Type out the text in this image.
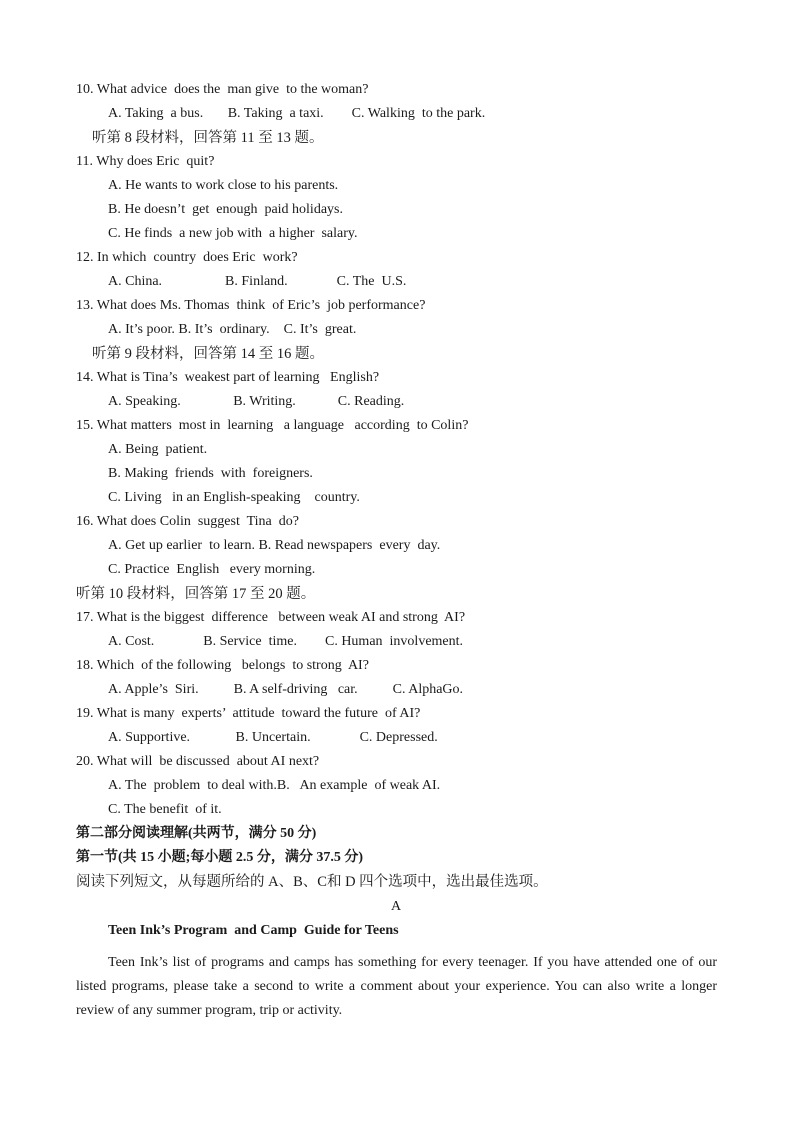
10. What advice  does the  man give  to the woman?
A. Taking  a bus.       B. Taking  a taxi.        C. Walking  to the park.
听第 8 段材料，回答第 11 至 13 题。
11. Why does Eric  quit?
A. He wants to work close to his parents.
B. He doesn’t  get  enough  paid holidays.
C. He finds  a new job with  a higher  salary.
12. In which  country  does Eric  work?
A. China.                  B. Finland.              C. The  U.S.
13. What does Ms. Thomas  think  of Eric’s  job performance?
A. It’s poor. B. It’s  ordinary.    C. It’s  great.
听第 9 段材料，回答第 14 至 16 题。
14. What is Tina’s  weakest part of learning   English?
A. Speaking.               B. Writing.            C. Reading.
15. What matters  most in  learning   a language   according  to Colin?
A. Being  patient.
B. Making  friends  with  foreigners.
C. Living   in an English-speaking    country.
16. What does Colin  suggest  Tina  do?
A. Get up earlier  to learn. B. Read newspapers  every  day.
C. Practice  English   every morning.
听第 10 段材料，回答第 17 至 20 题。
17. What is the biggest  difference   between weak AI and strong  AI?
A. Cost.              B. Service  time.        C. Human  involvement.
18. Which  of the following   belongs  to strong  AI?
A. Apple’s  Siri.          B. A self-driving   car.          C. AlphaGo.
19. What is many  experts’  attitude  toward the future  of AI?
A. Supportive.             B. Uncertain.              C. Depressed.
20. What will  be discussed  about AI next?
A. The  problem  to deal with.B.   An example  of weak AI.
C. The benefit  of it.
第二部分阅读理解(共两节，满分 50 分)
第一节(共 15 小题;每小题 2.5 分，满分 37.5 分)
阅读下列短文，从每题所给的 A、B、C和 D 四个选项中，选出最佳选项。
A
Teen Ink’s Program  and Camp  Guide for Teens
Teen Ink’s list of programs and camps has something for every teenager. If you have attended one of our listed programs, please take a second to write a comment about your experience. You can also write a longer review of any summer program, trip or activity.
